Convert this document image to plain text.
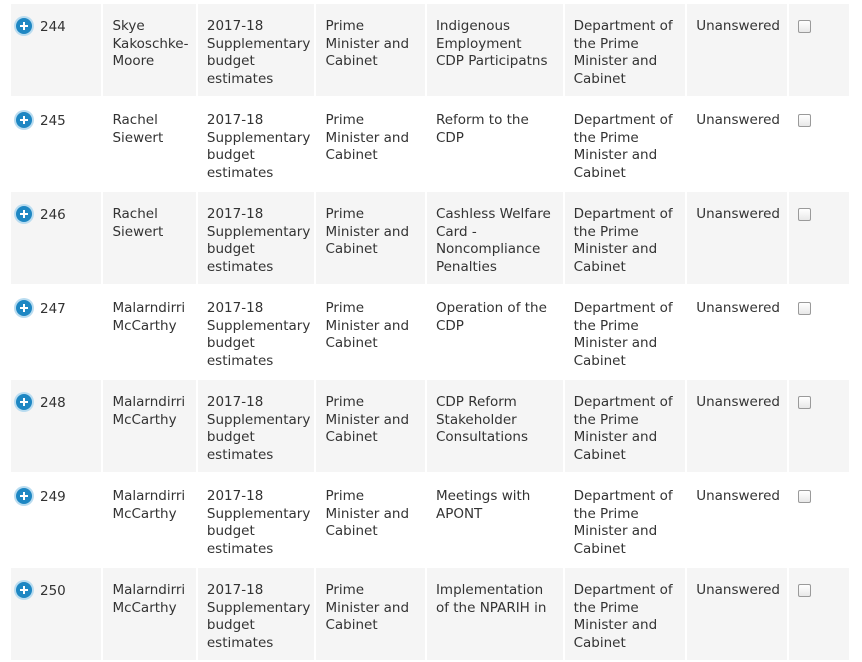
244	Skye Kakoschke-Moore	2017-18 Supplementary budget estimates	Prime Minister and Cabinet	Indigenous Employment CDP Participatns	Department of the Prime Minister and Cabinet	Unanswered	
245	Rachel Siewert	2017-18 Supplementary budget estimates	Prime Minister and Cabinet	Reform to the CDP	Department of the Prime Minister and Cabinet	Unanswered	
246	Rachel Siewert	2017-18 Supplementary budget estimates	Prime Minister and Cabinet	Cashless Welfare Card - Noncompliance Penalties	Department of the Prime Minister and Cabinet	Unanswered	
247	Malarndirri McCarthy	2017-18 Supplementary budget estimates	Prime Minister and Cabinet	Operation of the CDP	Department of the Prime Minister and Cabinet	Unanswered	
248	Malarndirri McCarthy	2017-18 Supplementary budget estimates	Prime Minister and Cabinet	CDP Reform Stakeholder Consultations	Department of the Prime Minister and Cabinet	Unanswered	
249	Malarndirri McCarthy	2017-18 Supplementary budget estimates	Prime Minister and Cabinet	Meetings with APONT	Department of the Prime Minister and Cabinet	Unanswered	
250	Malarndirri McCarthy	2017-18 Supplementary budget estimates	Prime Minister and Cabinet	Implementation of the NPARIH in	Department of the Prime Minister and Cabinet	Unanswered	
